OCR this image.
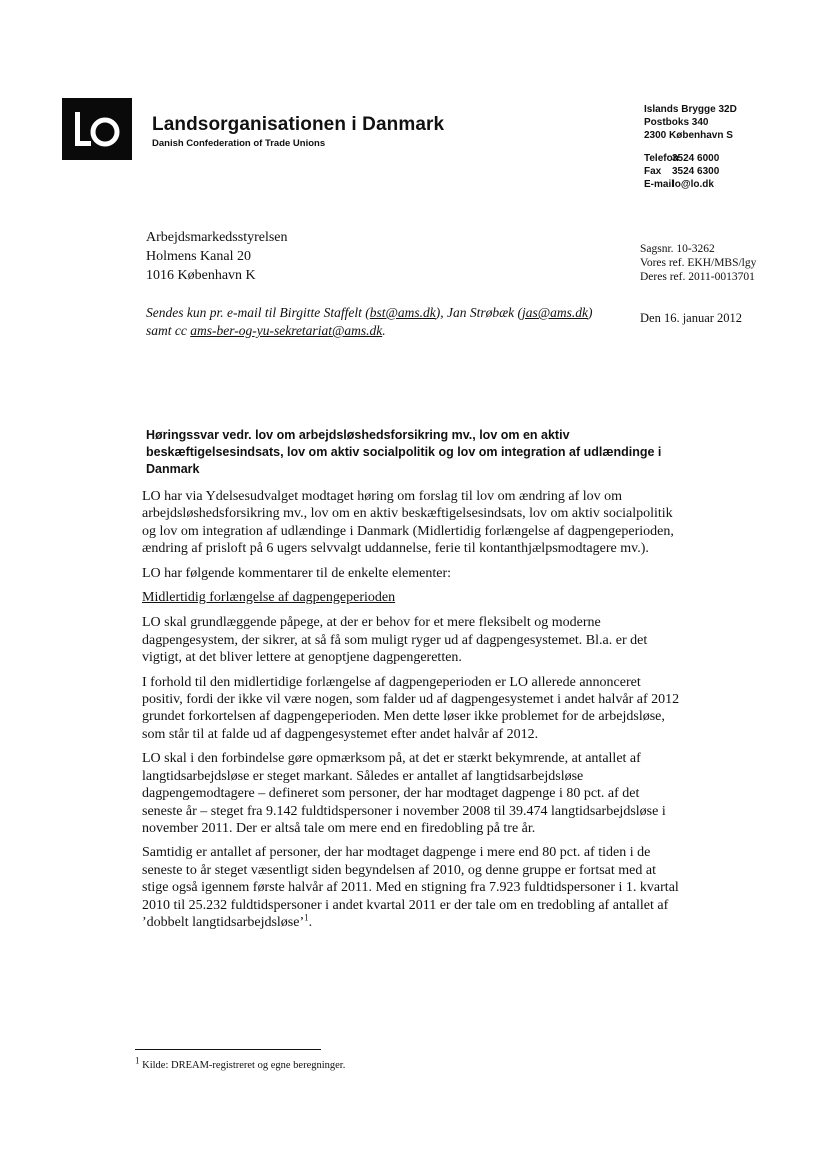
Landsorganisationen i Danmark
Danish Confederation of Trade Unions
Islands Brygge 32D
Postboks 340
2300 København S
Telefon
3524 6000
Fax	3524 6300
E-mail
lo@lo.dk
Arbejdsmarkedsstyrelsen
Holmens Kanal 20
1016 København K
Sagsnr. 10-3262
Vores ref. EKH/MBS/lgy
Deres ref. 2011-0013701
Den 16. januar 2012
Sendes kun pr. e-mail til Birgitte Staffelt (bst@ams.dk), Jan Strøbæk (jas@ams.dk) samt cc ams-ber-og-yu-sekretariat@ams.dk.
Høringssvar vedr. lov om arbejdsløshedsforsikring mv., lov om en aktiv beskæftigelsesindsats, lov om aktiv socialpolitik og lov om integration af udlændinge i Danmark

LO har via Ydelsesudvalget modtaget høring om forslag til lov om ændring af lov om arbejdsløshedsforsikring mv., lov om en aktiv beskæftigelsesindsats, lov om aktiv socialpolitik og lov om integration af udlændinge i Danmark (Midlertidig forlængelse af dagpengeperioden, ændring af prisloft på 6 ugers selvvalgt uddannelse, ferie til kontanthjælpsmodtagere mv.).

LO har følgende kommentarer til de enkelte elementer:

Midlertidig forlængelse af dagpengeperioden

LO skal grundlæggende påpege, at der er behov for et mere fleksibelt og moderne dagpengesystem, der sikrer, at så få som muligt ryger ud af dagpengesystemet. Bl.a. er det vigtigt, at det bliver lettere at genoptjene dagpengeretten.

I forhold til den midlertidige forlængelse af dagpengeperioden er LO allerede annonceret positiv, fordi der ikke vil være nogen, som falder ud af dagpengesystemet i andet halvår af 2012 grundet forkortelsen af dagpengeperioden. Men dette løser ikke problemet for de arbejdsløse, som står til at falde ud af dagpengesystemet efter andet halvår af 2012.

LO skal i den forbindelse gøre opmærksom på, at det er stærkt bekymrende, at antallet af langtidsarbejdsløse er steget markant. Således er antallet af langtidsarbejdsløse dagpengemodtagere – defineret som personer, der har modtaget dagpenge i 80 pct. af det seneste år – steget fra 9.142 fuldtidspersoner i november 2008 til 39.474 langtidsarbejdsløse i november 2011. Der er altså tale om mere end en firedobling på tre år.

Samtidig er antallet af personer, der har modtaget dagpenge i mere end 80 pct. af tiden i de seneste to år steget væsentligt siden begyndelsen af 2010, og denne gruppe er fortsat med at stige også igennem første halvår af 2011. Med en stigning fra 7.923 fuldtidspersoner i 1. kvartal 2010 til 25.232 fuldtidspersoner i andet kvartal 2011 er der tale om en tredobling af antallet af ’dobbelt langtidsarbejdsløse’$^1$.

$^1$ Kilde: DREAM-registreret og egne beregninger.
